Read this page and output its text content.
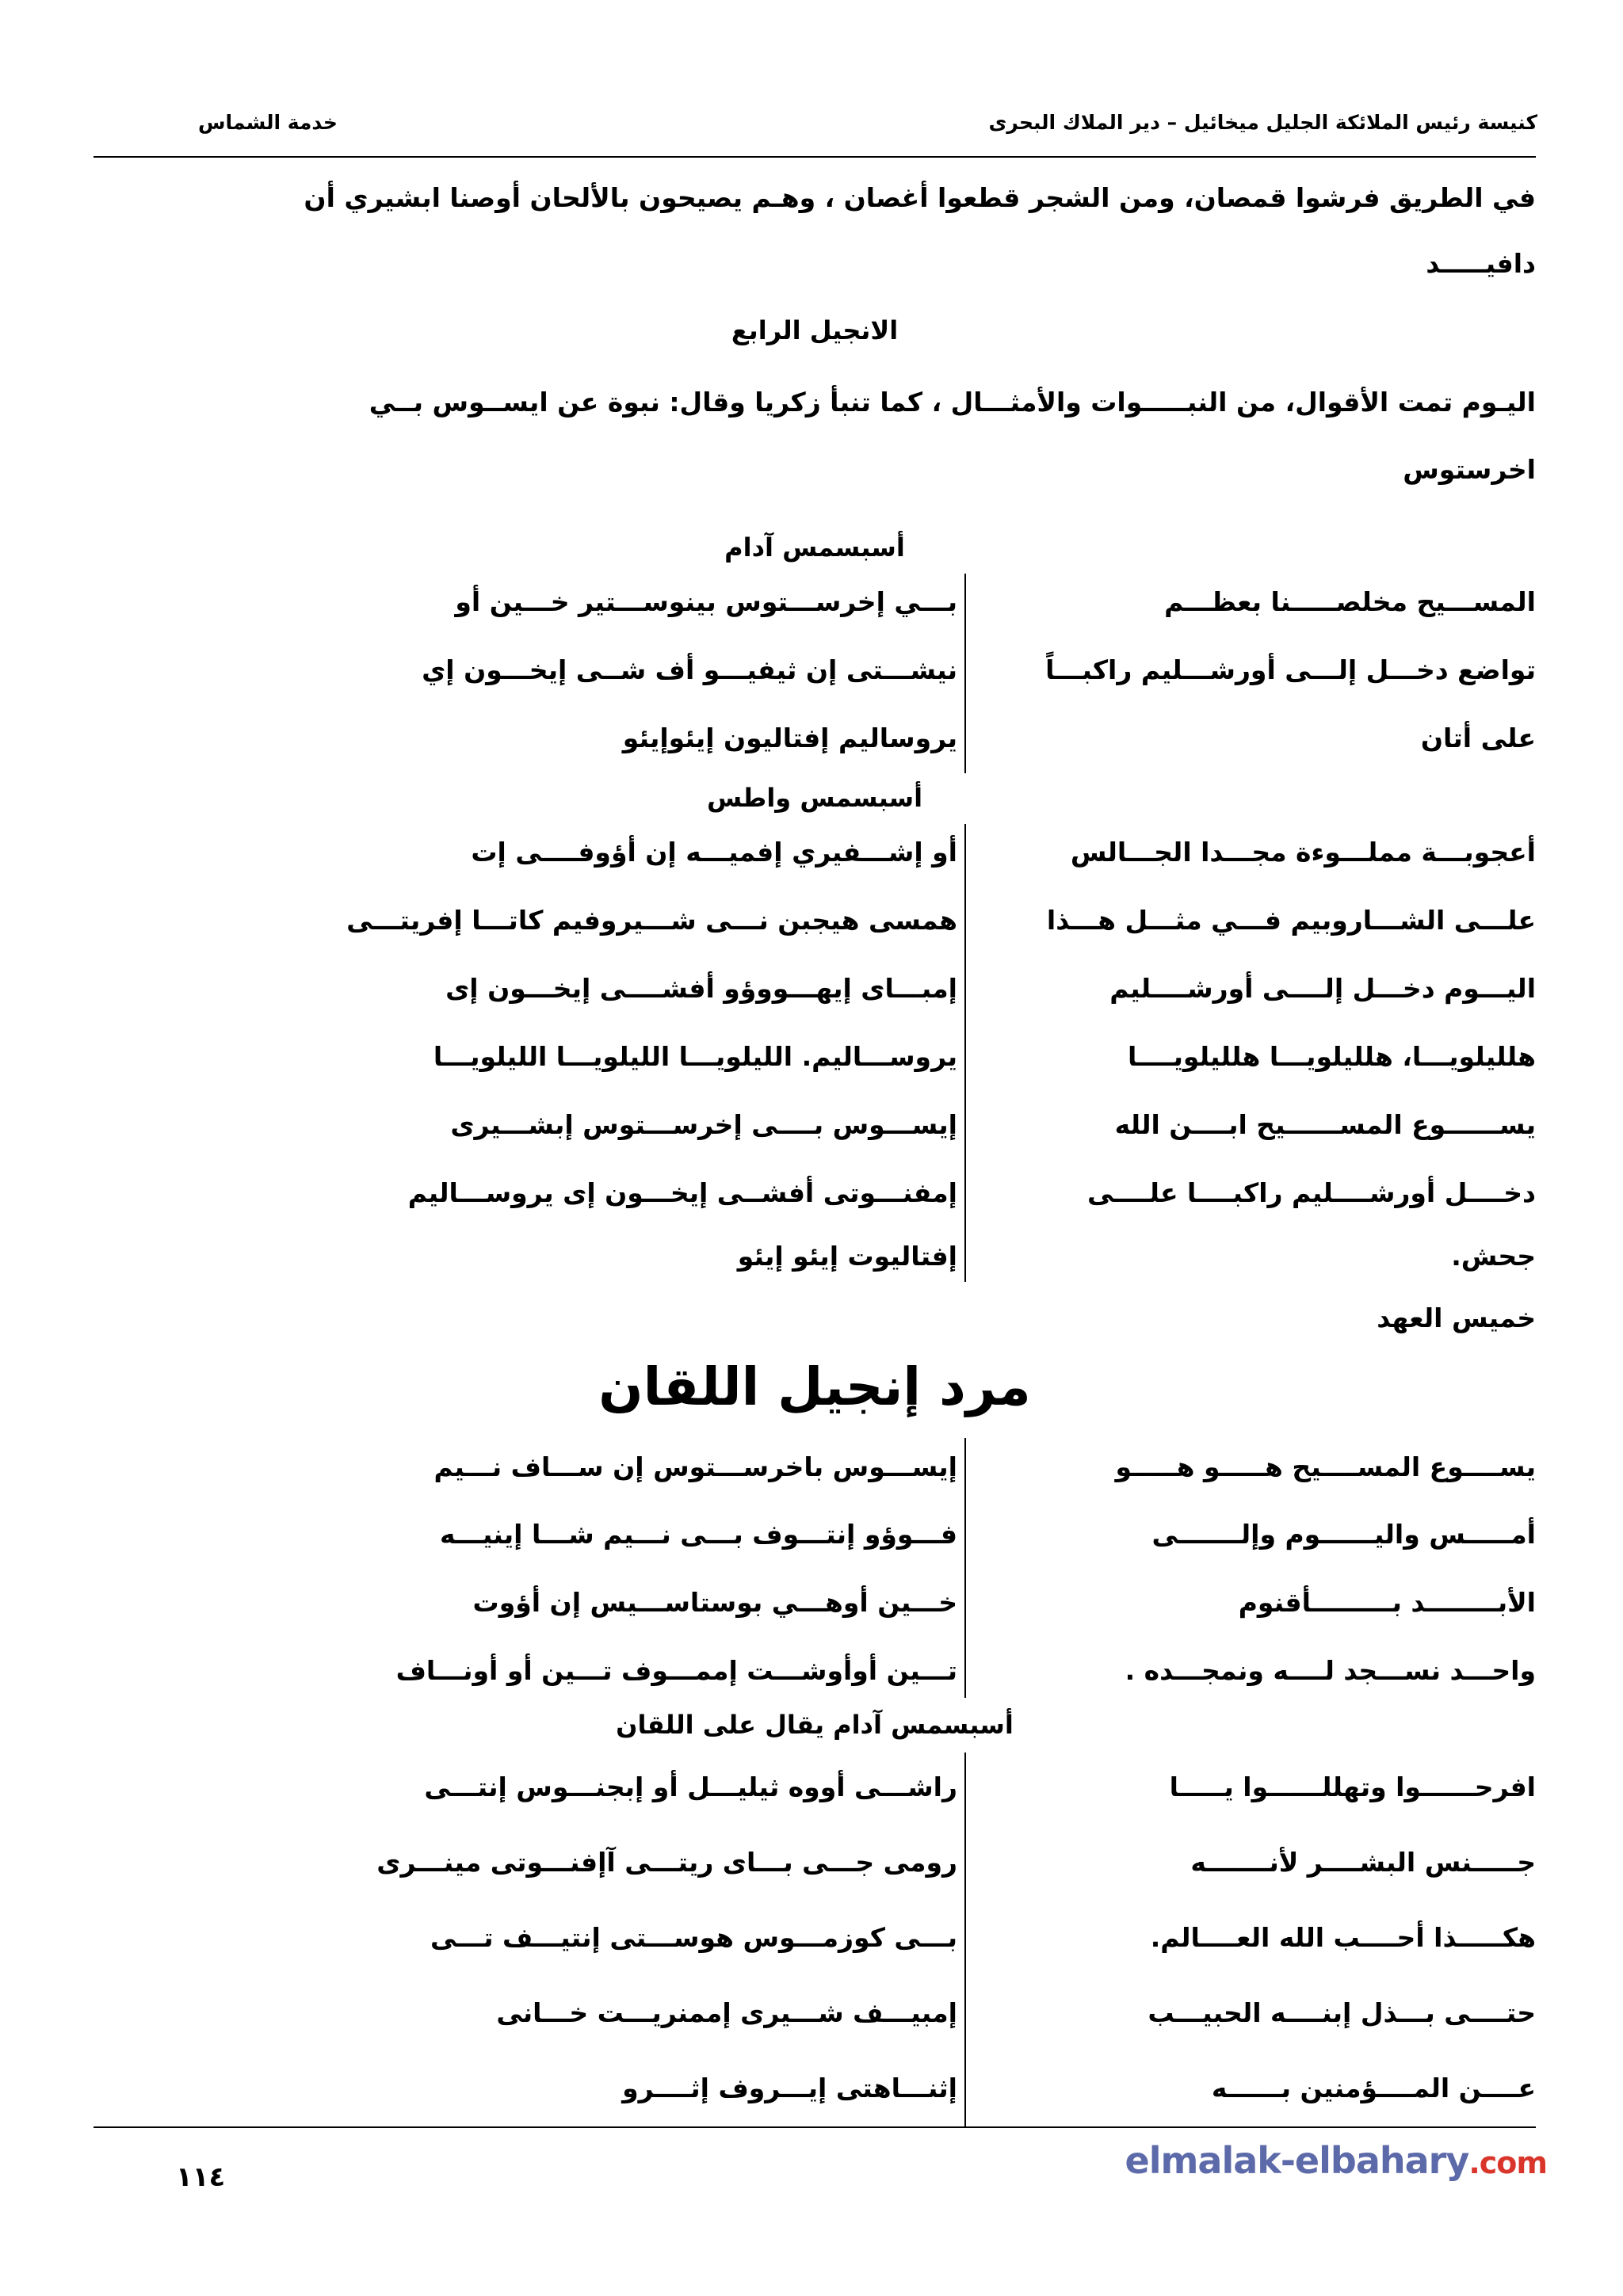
كنيسة رئيس الملائكة الجليل ميخائيل – دير الملاك البحرى
خدمة الشماس
في الطريق فرشوا قمصان، ومن الشجر قطعوا أغصان ، وهـم يصيحون بالألحان أوصنا ابشيري أن
دافيـــــد
الانجيل الرابع
اليـوم تمت الأقوال، من النبـــــوات والأمثـــال ، كما تنبأ زكريا وقال: نبوة عن ايســوس بــي
اخرستوس
أسبسمس آدام
المســـيح مخلصـــــنا بعظـــم
بـــي إخرســـتوس بينوســـتير خـــين أو
تواضع دخـــل إلـــى أورشـــليم راكبـــاً
نيشـــتى إن ثيفيـــو أف شــى إيخـــون إي
على أتان
يروساليم إفتاليون إيئوإيئو
أسبسمس واطس
أعجوبـــة مملـــوءة مجـــدا الجـــالس
أو إشـــفيري إفميـــه إن أؤوفــــى إت
علـــى الشـــاروبيم فـــي مثـــل هـــذا
همسى هيجبن نـــى شـــيروفيم كاتـــا إفريتـــى
اليـــوم دخـــل إلــــى أورشــــليم
إمبـــاى إيهـــووؤو أفشــــى إيخـــون إى
هلليلويـــا، هلليلويـــا هلليلويــــا
يروســـاليم. الليلويـــا الليلويـــا الليلويـــا
يســــــوع المســــــيح ابــــن الله
إيســـوس بــــى إخرســـتوس إبشـــيرى
دخــــل أورشــــليم راكبــــا علــــى
إمفنـــوتى أفشــى إيخـــون إى يروســـاليم
جحش.
إفتاليوت إيئو إيئو
خميس العهد
مرد إنجيل اللقان
يســــوع المســــيح هـــــو هـــــو
إيســـوس باخرســـتوس إن ســـاف نـــيم
أمـــــس واليــــــوم وإلـــــــى
فـــوؤو إنتـــوف بـــى نـــيم شـــا إينيـــه
الأبــــــــد بـــــــــأقنوم
خـــين أوهـــي بوستاســـيس إن أؤوت
واحـــد نســـجد لــــه ونمجـــده .
تـــين أوأوشـــت إممـــوف تـــين أو أونـــاف
أسبسمس آدام يقال على اللقان
افرحــــــوا وتهللــــــوا يـــــا
راشـــى أووه ثيليـــل أو إبجنـــوس إنتـــى
جـــــنس البشــــر لأنـــــــه
رومى جـــى بـــاى ريتـــى آإفنـــوتى مينـــرى
هكـــــذا أحــــب الله العــــالم.
بـــى كوزمـــوس هوســـتى إنتيـــف تـــى
حتــــى بـــذل إبنــــه الحبيـــب
إمبيـــف شـــيرى إممنريـــت خـــانى
عــــن المــــؤمنين بــــــه
إثنـــاهتى إيـــروف إثــــرو
١١٤	elmalak-elbahary.com
